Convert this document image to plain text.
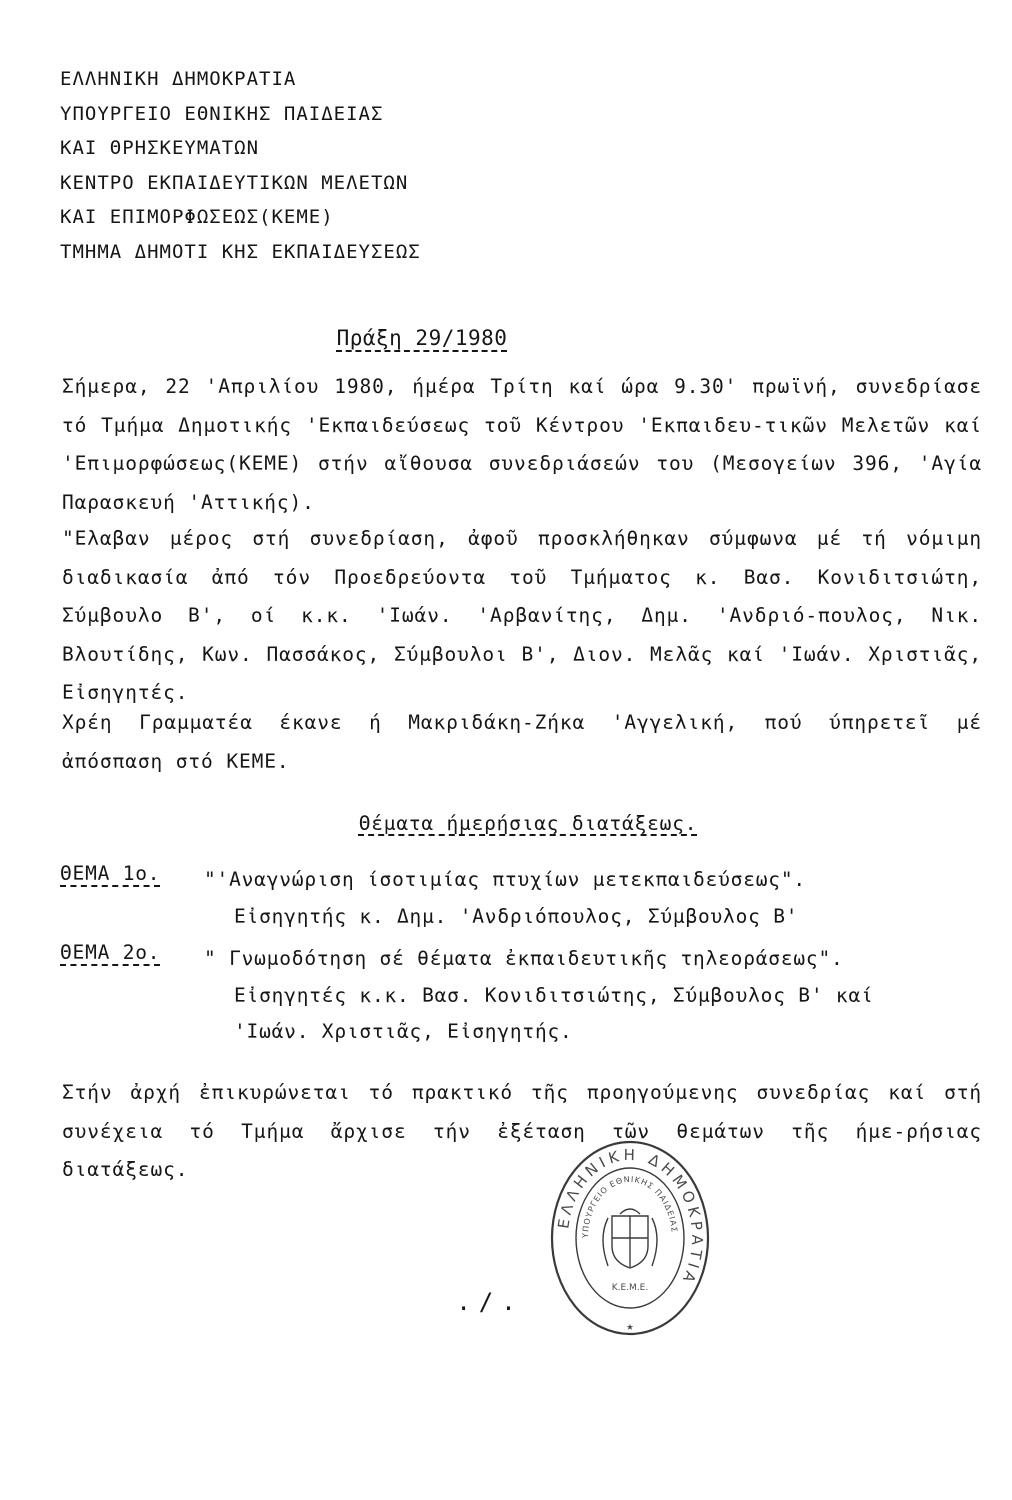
ΕΛΛΗΝΙΚΗ ΔΗΜΟΚΡΑΤΙΑ
ΥΠΟΥΡΓΕΙΟ ΕΘΝΙΚΗΣ ΠΑΙΔΕΙΑΣ
ΚΑΙ ΘΡΗΣΚΕΥΜΑΤΩΝ
ΚΕΝΤΡΟ ΕΚΠΑΙΔΕΥΤΙΚΩΝ ΜΕΛΕΤΩΝ
ΚΑΙ ΕΠΙΜΟΡΦΩΣΕΩΣ(ΚΕΜΕ)
ΤΜΗΜΑ ΔΗΜΟΤΙ ΚΗΣ ΕΚΠΑΙΔΕΥΣΕΩΣ
Πράξη 29/1980
Σήμερα, 22 'Απριλίου 1980, ήμέρα Τρίτη καί ώρα 9.30' πρωϊνή, συνεδρίασε τό Τμήμα Δημοτικής 'Εκπαιδεύσεως τοῦ Κέντρου 'Εκπαιδευ-τικῶν Μελετῶν καί 'Επιμορφώσεως(ΚΕΜΕ) στήν αἴθουσα συνεδριάσεών του (Μεσογείων 396, 'Αγία Παρασκευή 'Αττικής).
"Ελαβαν μέρος στή συνεδρίαση, ἀφοῦ προσκλήθηκαν σύμφωνα μέ τή νόμιμη διαδικασία ἀπό τόν Προεδρεύοντα τοῦ Τμήματος κ. Βασ. Κονιδιτσιώτη, Σύμβουλο Β', οί κ.κ. 'Ιωάν. 'Αρβανίτης, Δημ. 'Ανδριό-πουλος, Νικ. Βλουτίδης, Κων. Πασσάκος, Σύμβουλοι Β', Διον. Μελᾶς καί 'Ιωάν. Χριστιᾶς, Εἰσηγητές.
Χρέη Γραμματέα έκανε ή Μακριδάκη-Ζήκα 'Αγγελική, πού ύπηρετεῖ μέ ἀπόσπαση στό ΚΕΜΕ.
Θέματα ήμερήσιας διατάξεως.
ΘΕΜΑ 1ο.	"'Αναγνώριση ίσοτιμίας πτυχίων μετεκπαιδεύσεως".
Εἰσηγητής κ. Δημ. 'Ανδριόπουλος, Σύμβουλος Β'
ΘΕΜΑ 2ο.	" Γνωμοδότηση σέ θέματα ἐκπαιδευτικῆς τηλεοράσεως".
Εἰσηγητές κ.κ. Βασ. Κονιδιτσιώτης, Σύμβουλος Β' καί
'Ιωάν. Χριστιᾶς, Εἰσηγητής.
Στήν ἀρχή ἐπικυρώνεται τό πρακτικό τῆς προηγούμενης συνεδρίας καί στή συνέχεια τό Τμήμα ἄρχισε τήν ἐξέταση τῶν θεμάτων τῆς ήμε-ρήσιας διατάξεως.
ΕΛΛΗΝΙΚΗ ΔΗΜΟΚΡΑΤΙΑ
ΥΠΟΥΡΓΕΙΟ ΕΘΝΙΚΗΣ ΠΑΙΔΕΙΑΣ
Κ.Ε.Μ.Ε.
★
./.
